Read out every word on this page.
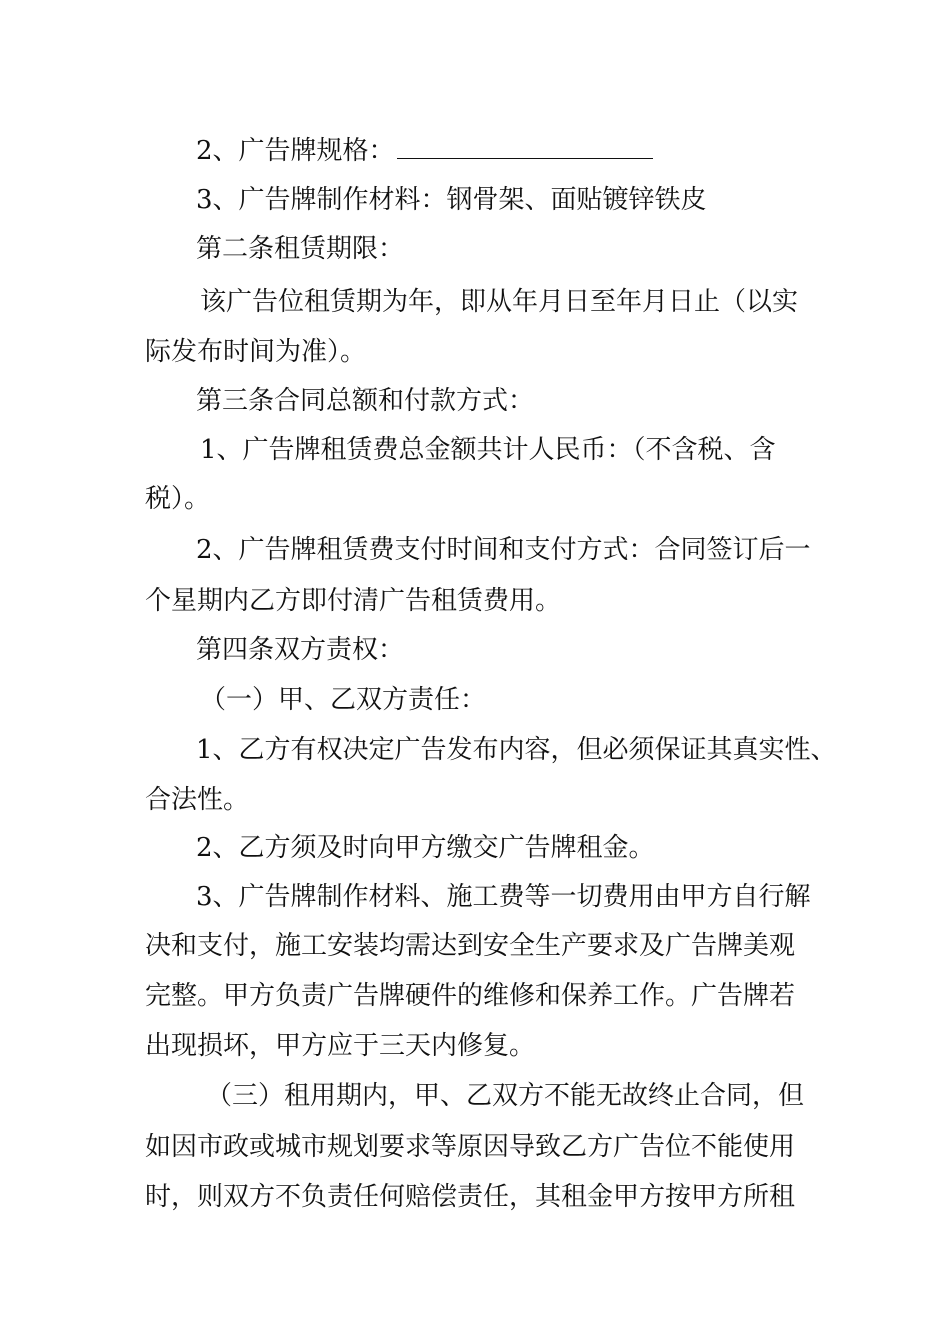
2、广告牌规格：

3、广告牌制作材料：钢骨架、面贴镀锌铁皮

第二条租赁期限：

该广告位租赁期为年，即从年月日至年月日止（以实

际发布时间为准）。

第三条合同总额和付款方式：

1、广告牌租赁费总金额共计人民币：（不含税、含

税）。

2、广告牌租赁费支付时间和支付方式：合同签订后一

个星期内乙方即付清广告租赁费用。

第四条双方责权：

（一）甲、乙双方责任：

1、乙方有权决定广告发布内容，但必须保证其真实性、

合法性。

2、乙方须及时向甲方缴交广告牌租金。

3、广告牌制作材料、施工费等一切费用由甲方自行解

决和支付，施工安装均需达到安全生产要求及广告牌美观

完整。甲方负责广告牌硬件的维修和保养工作。广告牌若

出现损坏，甲方应于三天内修复。

（三）租用期内，甲、乙双方不能无故终止合同，但

如因市政或城市规划要求等原因导致乙方广告位不能使用

时，则双方不负责任何赔偿责任，其租金甲方按甲方所租
